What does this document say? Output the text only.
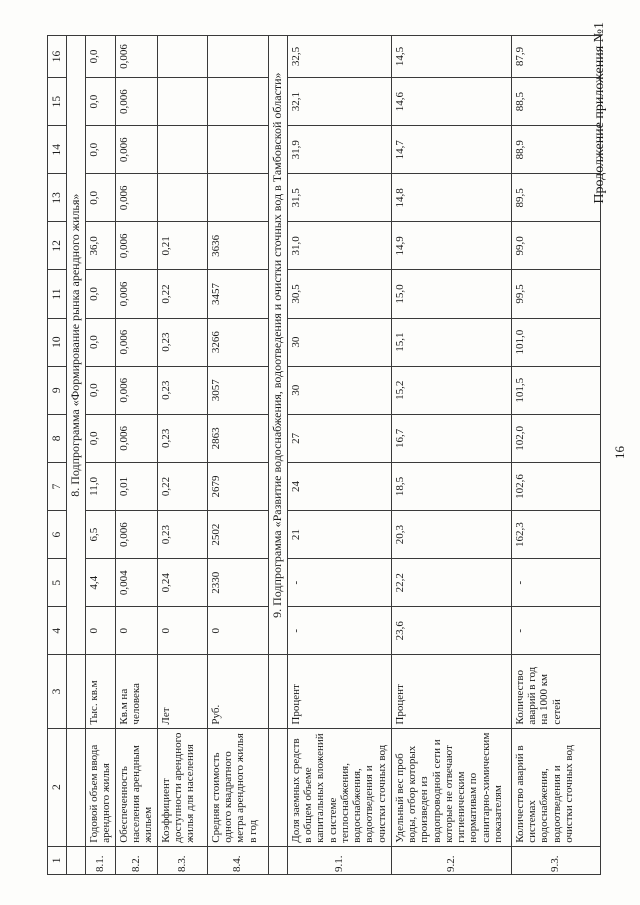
1	2	3	4	5	6	7	8	9	10	11	12	13	14	15	16
			8. Подпрограмма «Формирование рынка арендного жилья»												
8.1.	Годовой объем ввода арендного жилья	Тыс. кв.м	0	4,4	6,5	11,0	0,0	0,0	0,0	0,0	36,0	0,0	0,0	0,0	0,0
8.2.	Обеспеченность населения арендным жильем	Кв.м на человека	0	0,004	0,006	0,01	0,006	0,006	0,006	0,006	0,006	0,006	0,006	0,006	0,006
8.3.	Коэффициент доступности арендного жилья для населения	Лет	0	0,24	0,23	0,22	0,23	0,23	0,23	0,22	0,21				
8.4.	Средняя стоимость одного квадратного метра арендного жилья в год	Руб.	0	2330	2502	2679	2863	3057	3266	3457	3636				
			9. Подпрограмма «Развитие водоснабжения, водоотведения и очистки сточных вод в Тамбовской области»												
9.1.	Доля заемных средств в общем объеме капитальных вложений в системе теплоснабжения, водоснабжения, водоотведения и очистки сточных вод	Процент	-	-	21	24	27	30	30	30,5	31,0	31,5	31,9	32,1	32,5
9.2.	Удельный вес проб воды, отбор которых произведен из водопроводной сети и которые не отвечают гигиеническим нормативам по санитарно-химическим показателям	Процент	23,6	22,2	20,3	18,5	16,7	15,2	15,1	15,0	14,9	14,8	14,7	14,6	14,5
9.3.	Количество аварий в системах водоснабжения, водоотведения и очистки сточных вод	Количество аварий в год на 1000 км сетей	-	-	162,3	102,6	102,0	101,5	101,0	99,5	99,0	89,5	88,9	88,5	87,9
16
Продолжение приложения №1
